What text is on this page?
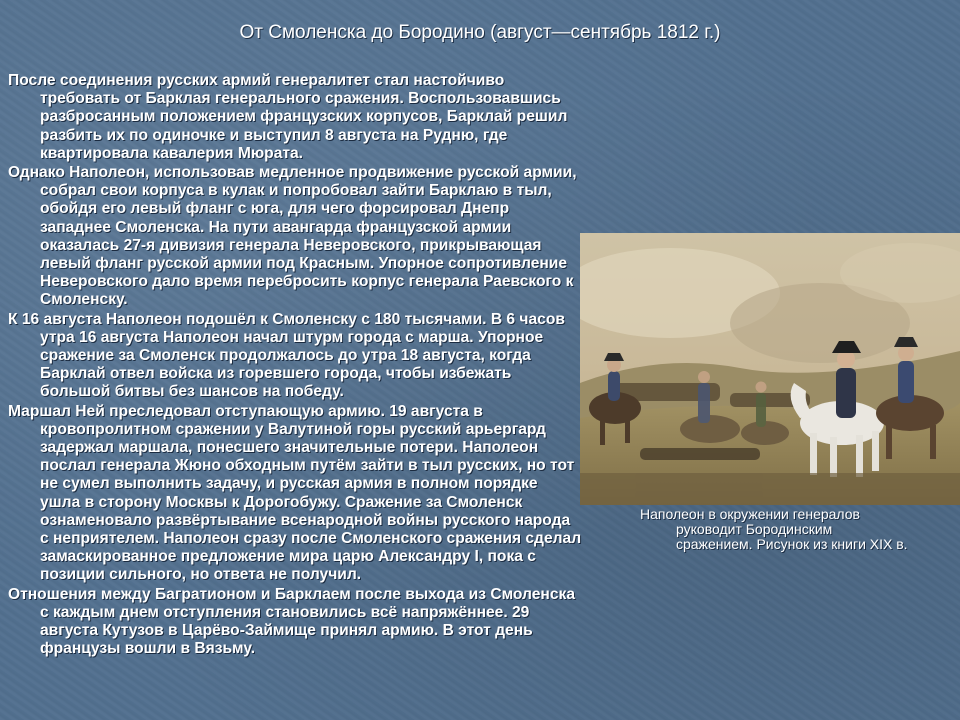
От Смоленска до Бородино (август—сентябрь 1812 г.)

После соединения русских армий генералитет стал настойчиво требовать от Барклая генерального сражения. Воспользовавшись разбросанным положением французских корпусов, Барклай решил разбить их по одиночке и выступил 8 августа на Рудню, где квартировала кавалерия Мюрата.

Однако Наполеон, использовав медленное продвижение русской армии, собрал свои корпуса в кулак и попробовал зайти Барклаю в тыл, обойдя его левый фланг с юга, для чего форсировал Днепр западнее Смоленска. На пути авангарда французской армии оказалась 27-я дивизия генерала Неверовского, прикрывающая левый фланг русской армии под Красным. Упорное сопротивление Неверовского дало время перебросить корпус генерала Раевского к Смоленску.

К 16 августа Наполеон подошёл к Смоленску с 180 тысячами. В 6 часов утра 16 августа Наполеон начал штурм города с марша. Упорное сражение за Смоленск продолжалось до утра 18 августа, когда Барклай отвел войска из горевшего города, чтобы избежать большой битвы без шансов на победу.

Маршал Ней преследовал отступающую армию. 19 августа в кровопролитном сражении у Валутиной горы русский арьергард задержал маршала, понесшего значительные потери. Наполеон послал генерала Жюно обходным путём зайти в тыл русских, но тот не сумел выполнить задачу, и русская армия в полном порядке ушла в сторону Москвы к Дорогобужу. Сражение за Смоленск ознаменовало развёртывание всенародной войны русского народа с неприятелем. Наполеон сразу после Смоленского сражения сделал замаскированное предложение мира царю Александру I, пока с позиции сильного, но ответа не получил.

Отношения между Багратионом и Барклаем после выхода из Смоленска с каждым днем отступления становились всё напряжённее. 29 августа Кутузов в Царёво-Займище принял армию. В этот день французы вошли в Вязьму.

Наполеон в окружении генералов руководит Бородинским сражением. Рисунок из книги XIX в.
